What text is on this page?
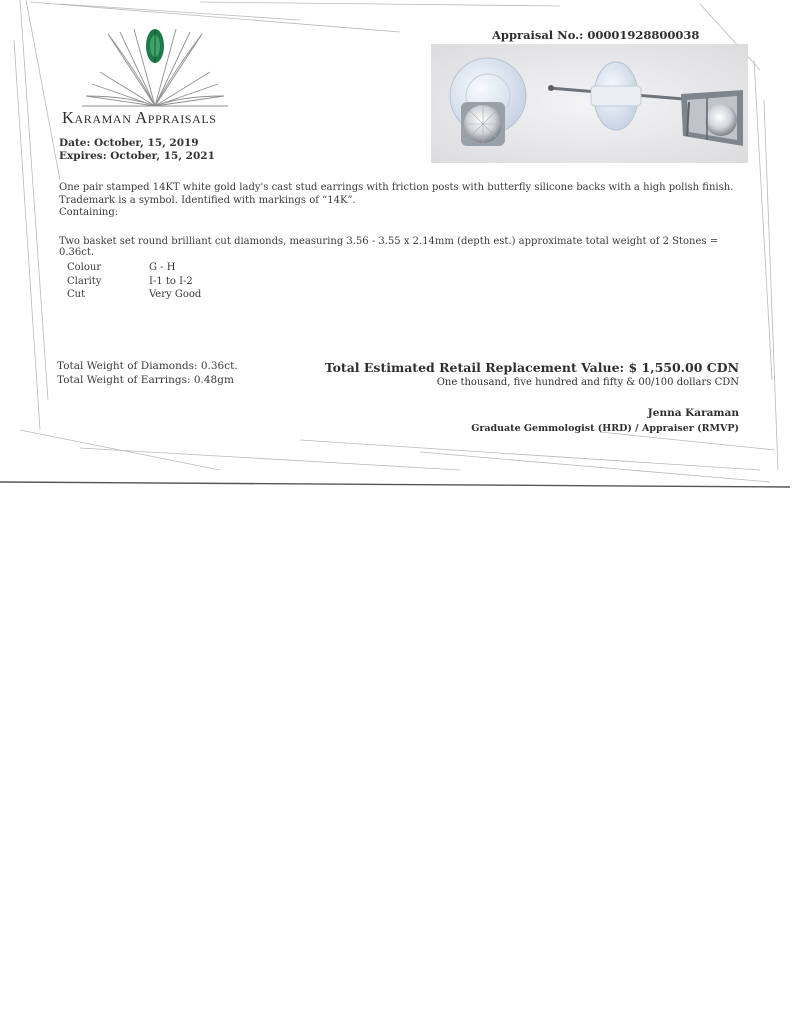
Karaman Appraisals
Appraisal No.: 00001928800038
Date: October, 15, 2019
Expires: October, 15, 2021
One pair stamped 14KT white gold lady's cast stud earrings with friction posts with butterfly silicone backs with a high polish finish.
Trademark is a symbol. Identified with markings of “14K”.
Containing:
Two basket set round brilliant cut diamonds, measuring 3.56 - 3.55 x 2.14mm (depth est.) approximate total weight of 2 Stones = 0.36ct.
Colour	G - H
Clarity	I-1 to I-2
Cut	Very Good
Total Weight of Diamonds: 0.36ct.
Total Weight of Earrings: 0.48gm
Total Estimated Retail Replacement Value: $ 1,550.00 CDN
One thousand, five hundred and fifty & 00/100 dollars CDN
Jenna Karaman
Graduate Gemmologist (HRD) / Appraiser (RMVP)
